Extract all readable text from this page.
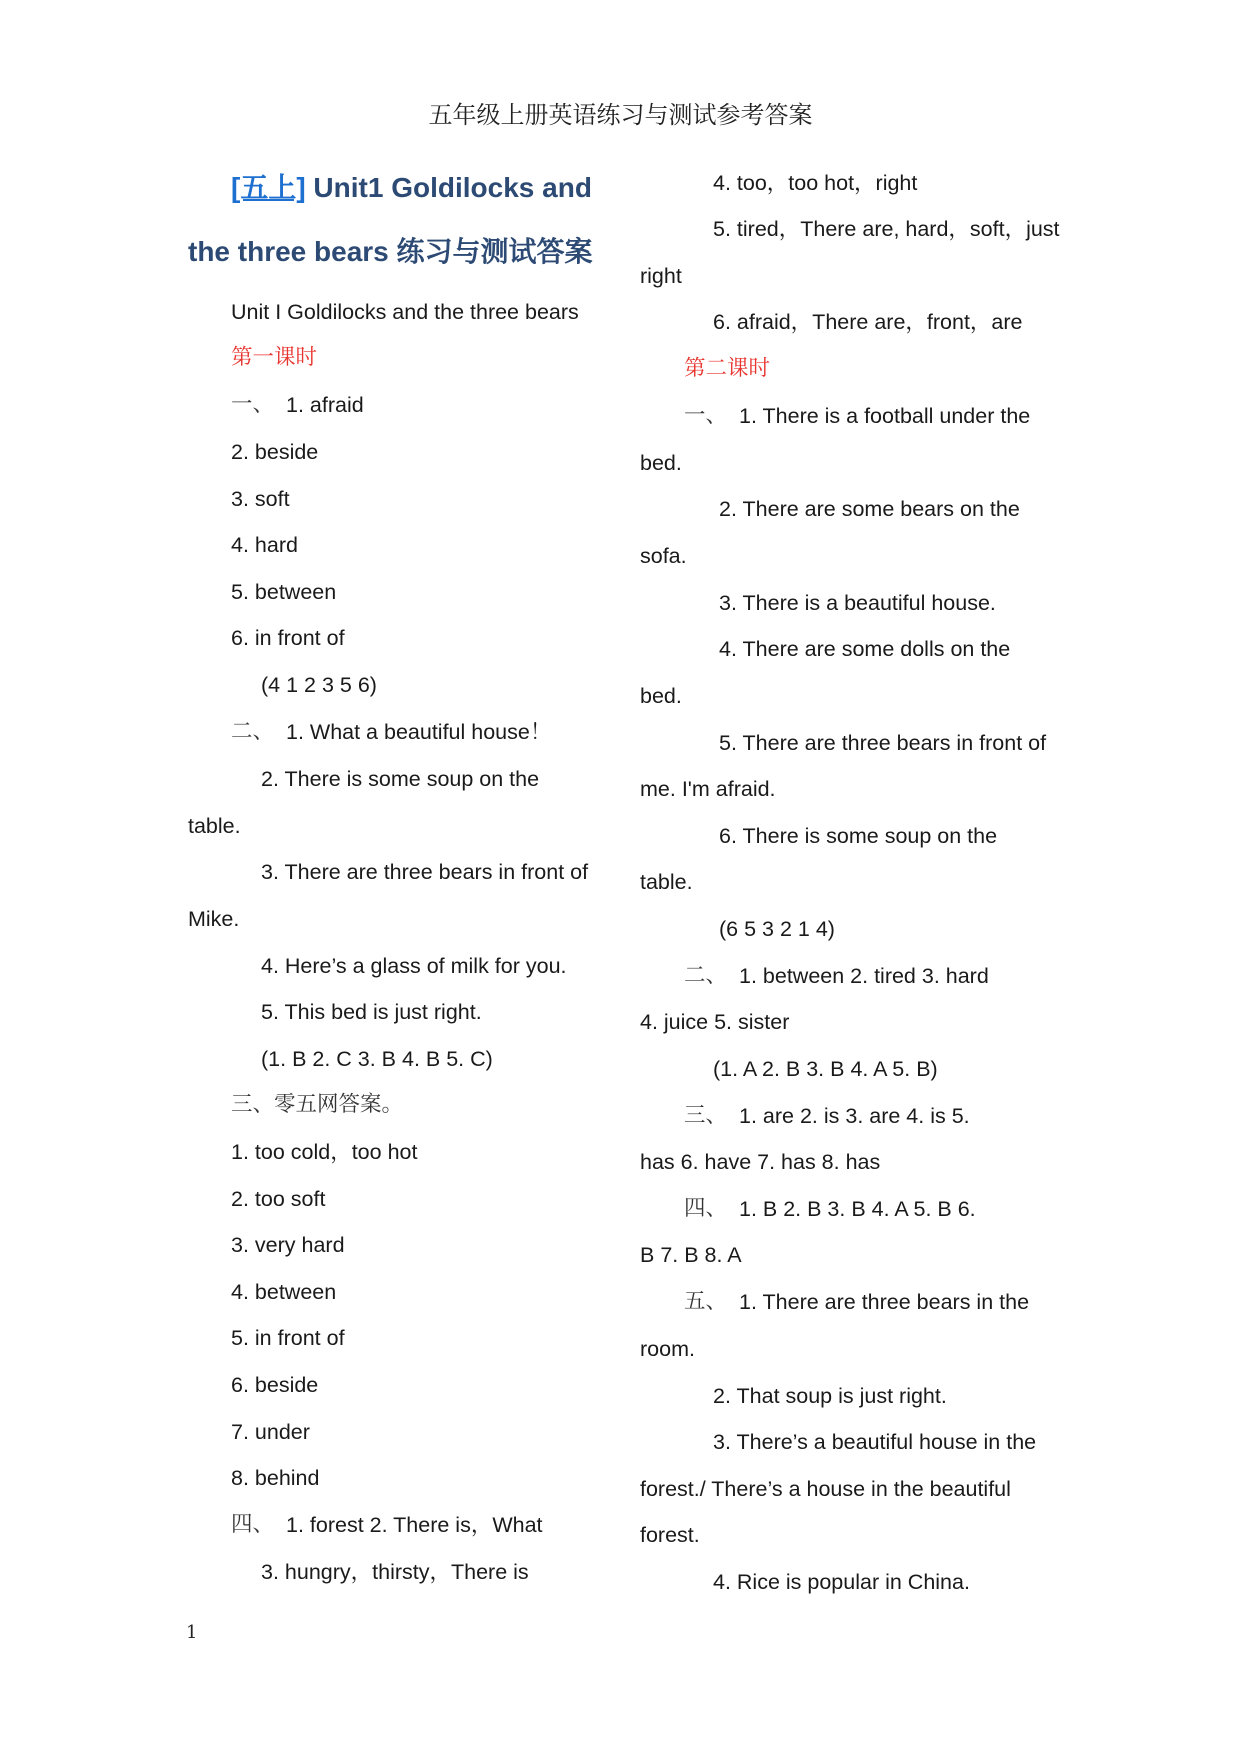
五年级上册英语练习与测试参考答案
[五上] Unit1 Goldilocks and
the three bears 练习与测试答案
Unit I Goldilocks and the three bears
第一课时
一、 1. afraid
2. beside
3. soft
4. hard
5. between
6. in front of
(4 1 2 3 5 6)
二、 1. What a beautiful house！
2. There is some soup on the
table.
3. There are three bears in front of
Mike.
4. Here’s a glass of milk for you.
5. This bed is just right.
(1. B 2. C 3. B 4. B 5. C)
三、零五网答案。
1. too cold，too hot
2. too soft
3. very hard
4. between
5. in front of
6. beside
7. under
8. behind
四、 1. forest 2. There is，What
3. hungry，thirsty，There is
4. too，too hot，right
5. tired，There are, hard，soft，just
right
6. afraid，There are，front，are
第二课时
一、 1. There is a football under the
bed.
2. There are some bears on the
sofa.
3. There is a beautiful house.
4. There are some dolls on the
bed.
5. There are three bears in front of
me. I'm afraid.
6. There is some soup on the
table.
(6 5 3 2 1 4)
二、 1. between 2. tired 3. hard
4. juice 5. sister
(1. A 2. B 3. B 4. A 5. B)
三、 1. are 2. is 3. are 4. is 5.
has 6. have 7. has 8. has
四、 1. B 2. B 3. B 4. A 5. B 6.
B 7. B 8. A
五、 1. There are three bears in the
room.
2. That soup is just right.
3. There’s a beautiful house in the
forest./ There’s a house in the beautiful
forest.
4. Rice is popular in China.
1
